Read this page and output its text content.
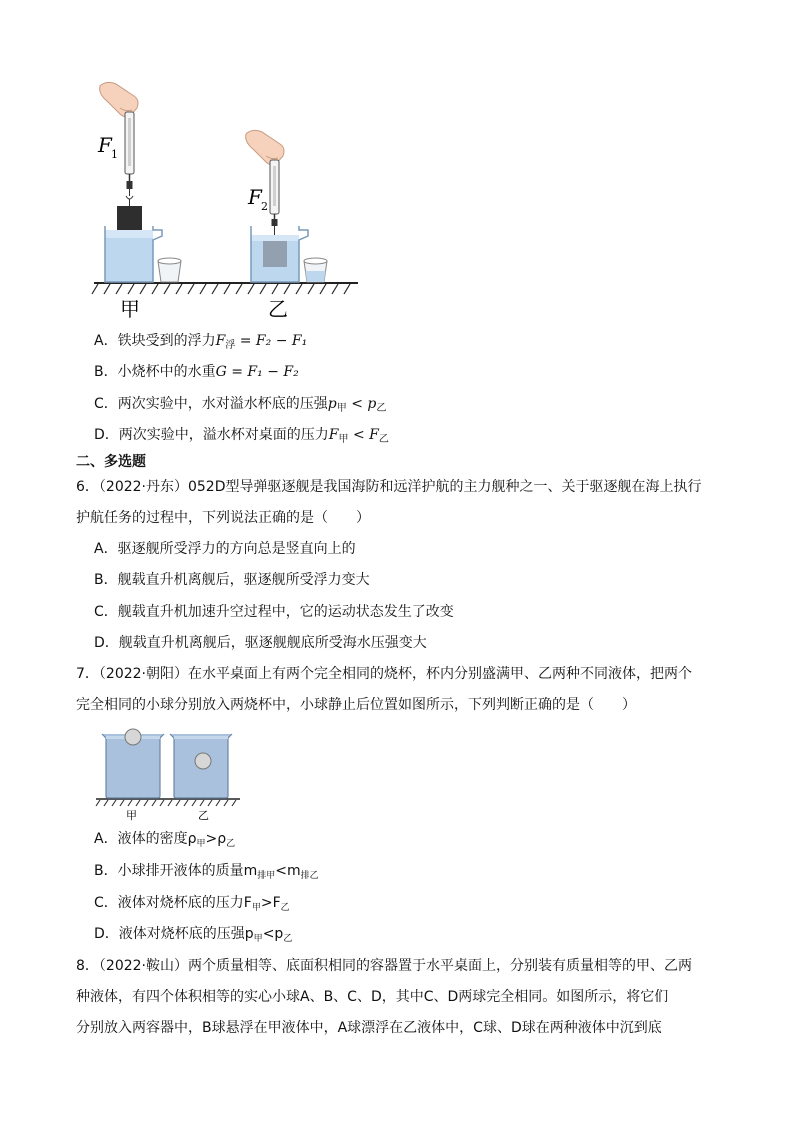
F 1
F 2
甲	乙
A．铁块受到的浮力$F_浮 = F_2 - F_1$
B．小烧杯中的水重G = F₁ − F₂
C．两次实验中，水对溢水杯底的压强$p_甲 < p_乙$
D．两次实验中，溢水杯对桌面的压力$F_甲 < F_乙$
二、多选题
6．（2022·丹东）052D型导弹驱逐舰是我国海防和远洋护航的主力舰种之一、关于驱逐舰在海上执行
护航任务的过程中，下列说法正确的是（　　）
A．驱逐舰所受浮力的方向总是竖直向上的
B．舰载直升机离舰后，驱逐舰所受浮力变大
C．舰载直升机加速升空过程中，它的运动状态发生了改变
D．舰载直升机离舰后，驱逐舰舰底所受海水压强变大
7．（2022·朝阳）在水平桌面上有两个完全相同的烧杯，杯内分别盛满甲、乙两种不同液体，把两个
完全相同的小球分别放入两烧杯中，小球静止后位置如图所示，下列判断正确的是（　　）
甲	乙
A．液体的密度$\rho_甲>\rho_乙$
B．小球排开液体的质量$m_{排甲}<m_{排乙}$
C．液体对烧杯底的压力$F_甲>F_乙$
D．液体对烧杯底的压强$p_甲<p_乙$
8．（2022·鞍山）两个质量相等、底面积相同的容器置于水平桌面上，分别装有质量相等的甲、乙两
种液体，有四个体积相等的实心小球A、B、C、D，其中C、D两球完全相同。如图所示，将它们
分别放入两容器中，B球悬浮在甲液体中，A球漂浮在乙液体中，C球、D球在两种液体中沉到底
